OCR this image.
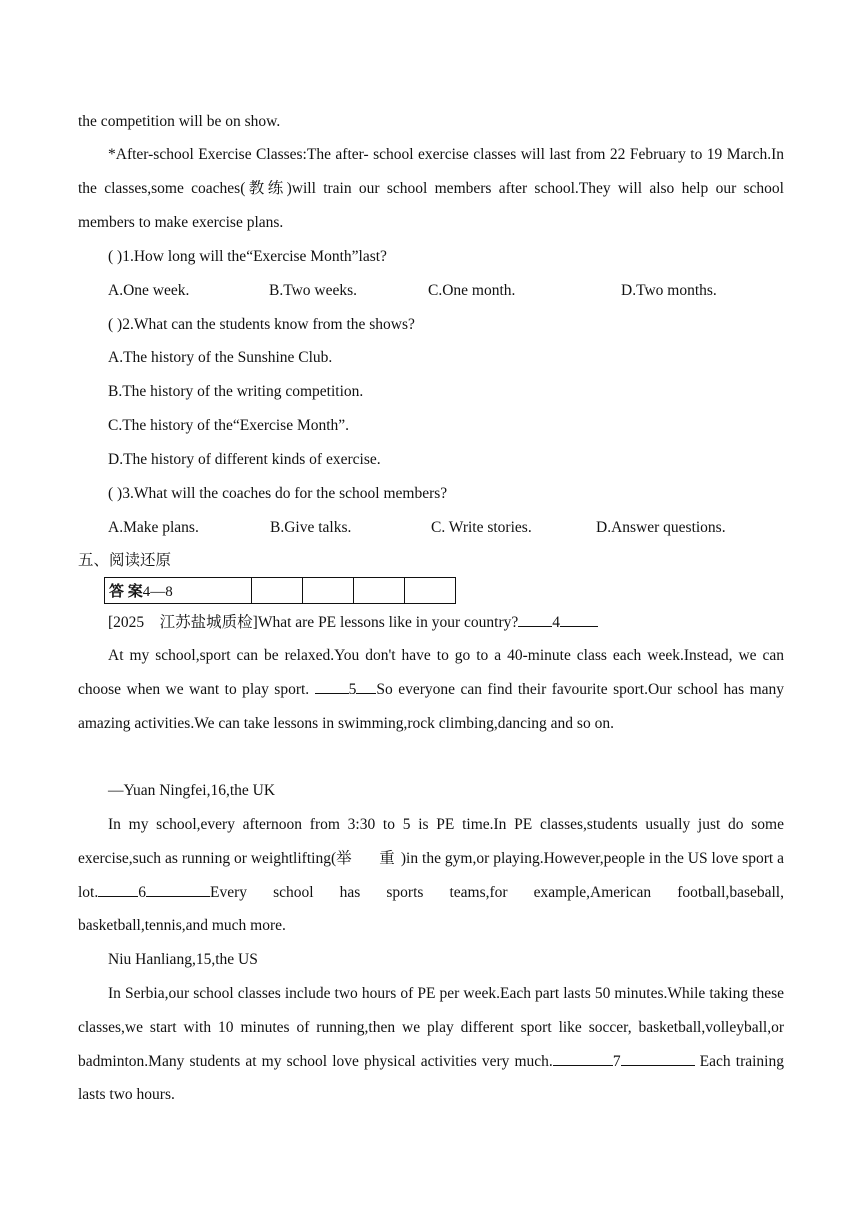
the competition will be on show.

*After-school Exercise Classes:The after- school exercise classes will last from 22 February to 19 March.In the classes,some coaches(教练)will train our school members after school.They will also help our school members to make exercise plans.

( )1.How long will the“Exercise Month”last?

A.One week.	B.Two weeks.	C.One month.	D.Two months.

( )2.What can the students know from the shows?

A.The history of the Sunshine Club.

B.The history of the writing competition.

C.The history of the“Exercise Month”.

D.The history of different kinds of exercise.

( )3.What will the coaches do for the school members?

A.Make plans.	B.Give talks.	C. Write stories.	D.Answer questions.

五、阅读还原

答 案4—8				

[2025　江苏盐城质检]What are PE lessons like in your country? 4

At my school,sport can be relaxed.You don't have to go to a 40-minute class each week.Instead, we can choose when we want to play sport. 5 So everyone can find their favourite sport.Our school has many amazing activities.We can take lessons in swimming,rock climbing,dancing and so on.

—Yuan Ningfei,16,the UK

In my school,every afternoon from 3:30 to 5 is PE time.In PE classes,students usually just do some exercise,such as running or weightlifting(举　重)in the gym,or playing.However,people in the US love sport a lot.	6	Every school has sports teams,for example,American football,baseball, basketball,tennis,and much more.

Niu Hanliang,15,the US

In Serbia,our school classes include two hours of PE per week.Each part lasts 50 minutes.While taking these classes,we start with 10 minutes of running,then we play different sport like soccer, basketball,volleyball,or badminton.Many students at my school love physical activities very much.	7	Each training lasts two hours.
